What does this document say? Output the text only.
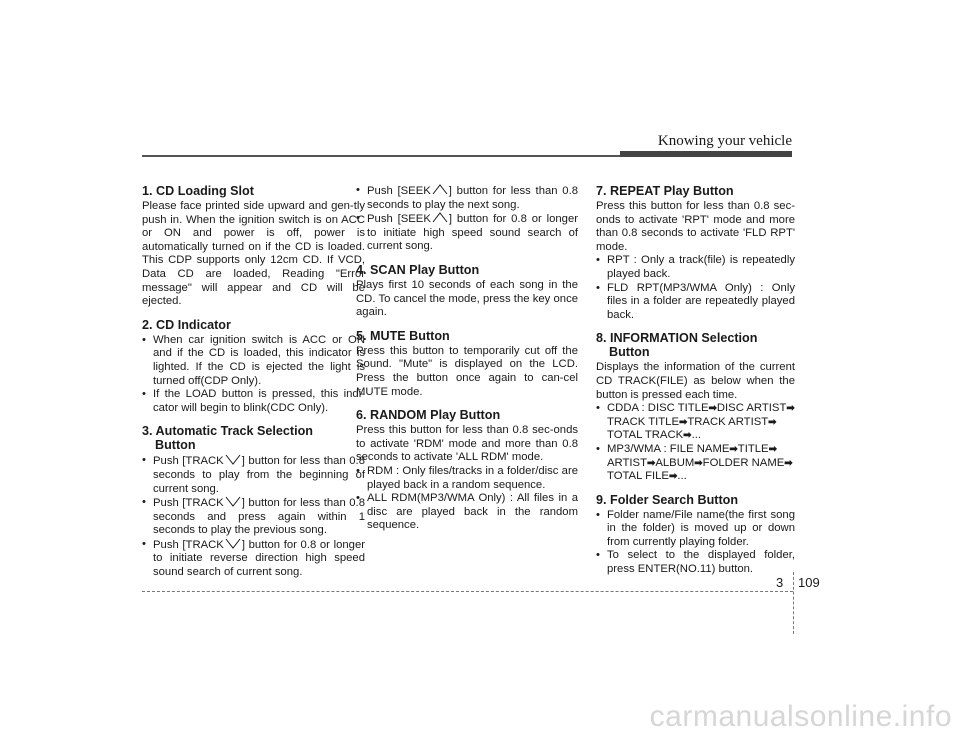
Knowing your vehicle
1. CD Loading Slot

Please face printed side upward and gen-tly push in. When the ignition switch is on ACC or ON and power is off, power is automatically turned on if the CD is loaded. This CDP supports only 12cm CD. If VCD, Data CD are loaded, Reading "Error message" will appear and CD will be ejected.

2. CD Indicator
• When car ignition switch is ACC or ON and if the CD is loaded, this indicator is lighted. If the CD is ejected the light is turned off(CDP Only).
• If the LOAD button is pressed, this indi-cator will begin to blink(CDC Only).
3. Automatic Track Selection
Button
• Push [TRACK ] button for less than 0.8 seconds to play from the beginning of current song.
• Push [TRACK ] button for less than 0.8 seconds and press again within 1 seconds to play the previous song.
• Push [TRACK ] button for 0.8 or longer to initiate reverse direction high speed sound search of current song.
• Push [SEEK ] button for less than 0.8 seconds to play the next song.
• Push [SEEK ] button for 0.8 or longer to initiate high speed sound search of current song.
4. SCAN Play Button

Plays first 10 seconds of each song in the CD. To cancel the mode, press the key once again.

5. MUTE Button

Press this button to temporarily cut off the Sound. "Mute" is displayed on the LCD. Press the button once again to can-cel MUTE mode.

6. RANDOM Play Button

Press this button for less than 0.8 sec-onds to activate 'RDM' mode and more than 0.8 seconds to activate 'ALL RDM' mode.

• RDM : Only files/tracks in a folder/disc are played back in a random sequence.
• ALL RDM(MP3/WMA Only) : All files in a disc are played back in the random sequence.
7. REPEAT Play Button

Press this button for less than 0.8 sec-onds to activate 'RPT' mode and more than 0.8 seconds to activate 'FLD RPT' mode.

• RPT : Only a track(file) is repeatedly played back.
• FLD RPT(MP3/WMA Only) : Only files in a folder are repeatedly played back.
8. INFORMATION Selection
Button

Displays the information of the current CD TRACK(FILE) as below when the button is pressed each time.

• CDDA : DISC TITLE➡DISC ARTIST➡ TRACK TITLE➡TRACK ARTIST➡ TOTAL TRACK➡...
• MP3/WMA : FILE NAME➡TITLE➡ ARTIST➡ALBUM➡FOLDER NAME➡ TOTAL FILE➡...
9. Folder Search Button
• Folder name/File name(the first song in the folder) is moved up or down from currently playing folder.
• To select to the displayed folder, press ENTER(NO.11) button.
3 109
carmanualsonline.info
